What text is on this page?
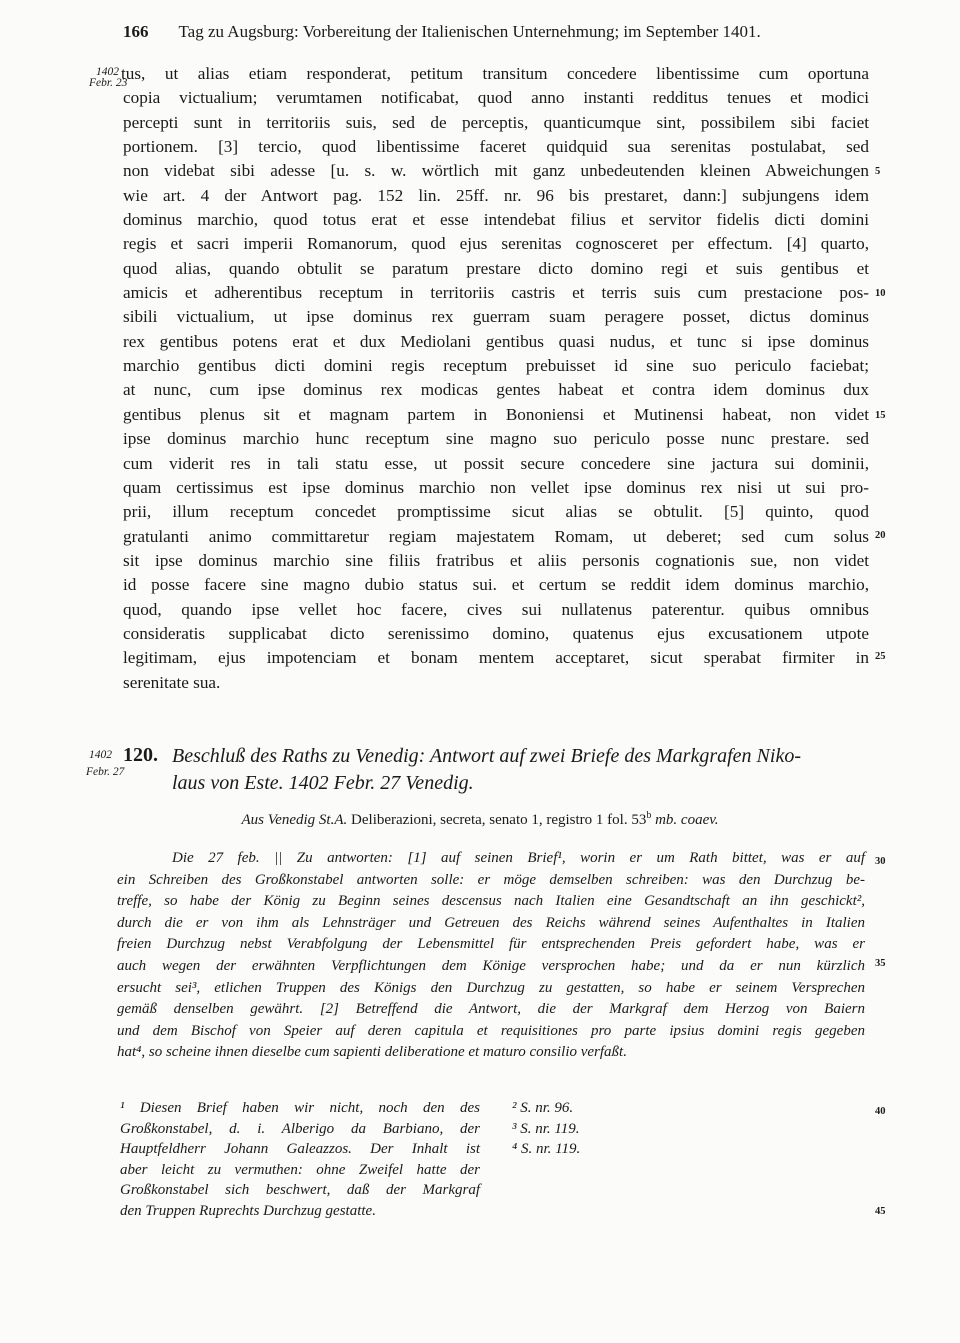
166 Tag zu Augsburg: Vorbereitung der Italienischen Unternehmung; im September 1401.
1402
Febr. 23
tus, ut alias etiam responderat, petitum transitum concedere libentissime cum oportuna
copia victualium; verumtamen notificabat, quod anno instanti redditus tenues et modici
percepti sunt in territoriis suis, sed de perceptis, quanticumque sint, possibilem sibi faciet
portionem. [3] tercio, quod libentissime faceret quidquid sua serenitas postulabat, sed
non videbat sibi adesse [u. s. w. wörtlich mit ganz unbedeutenden kleinen Abweichungen
wie art. 4 der Antwort pag. 152 lin. 25ff. nr. 96 bis prestaret, dann:] subjungens idem
dominus marchio, quod totus erat et esse intendebat filius et servitor fidelis dicti domini
regis et sacri imperii Romanorum, quod ejus serenitas cognosceret per effectum. [4] quarto,
quod alias, quando obtulit se paratum prestare dicto domino regi et suis gentibus et
amicis et adherentibus receptum in territoriis castris et terris suis cum prestacione pos-
sibili victualium, ut ipse dominus rex guerram suam peragere posset, dictus dominus
rex gentibus potens erat et dux Mediolani gentibus quasi nudus, et tunc si ipse dominus
marchio gentibus dicti domini regis receptum prebuisset id sine suo periculo faciebat;
at nunc, cum ipse dominus rex modicas gentes habeat et contra idem dominus dux
gentibus plenus sit et magnam partem in Bononiensi et Mutinensi habeat, non videt
ipse dominus marchio hunc receptum sine magno suo periculo posse nunc prestare. sed
cum viderit res in tali statu esse, ut possit secure concedere sine jactura sui dominii,
quam certissimus est ipse dominus marchio non vellet ipse dominus rex nisi ut sui pro-
prii, illum receptum concedet promptissime sicut alias se obtulit. [5] quinto, quod
gratulanti animo committaretur regiam majestatem Romam, ut deberet; sed cum solus
sit ipse dominus marchio sine filiis fratribus et aliis personis cognationis sue, non videt
id posse facere sine magno dubio status sui. et certum se reddit idem dominus marchio,
quod, quando ipse vellet hoc facere, cives sui nullatenus paterentur. quibus omnibus
consideratis supplicabat dicto serenissimo domino, quatenus ejus excusationem utpote
legitimam, ejus impotenciam et bonam mentem acceptaret, sicut sperabat firmiter in
serenitate sua.
5
10
15
20
25
30
35
40
45
1402
Febr. 27
120. Beschluß des Raths zu Venedig: Antwort auf zwei Briefe des Markgrafen Niko-
laus von Este. 1402 Febr. 27 Venedig.
Aus Venedig St.A. Deliberazioni, secreta, senato 1, registro 1 fol. 53$^b$ mb. coaev.
Die 27 feb. || Zu antworten: [1] auf seinen Brief¹, worin er um Rath bittet, was er auf
ein Schreiben des Großkonstabel antworten solle: er möge demselben schreiben: was den Durchzug be-
treffe, so habe der König zu Beginn seines descensus nach Italien eine Gesandtschaft an ihn geschickt²,
durch die er von ihm als Lehnsträger und Getreuen des Reichs während seines Aufenthaltes in Italien
freien Durchzug nebst Verabfolgung der Lebensmittel für entsprechenden Preis gefordert habe, was er
auch wegen der erwähnten Verpflichtungen dem Könige versprochen habe; und da er nun kürzlich
ersucht sei³, etlichen Truppen des Königs den Durchzug zu gestatten, so habe er seinem Versprechen
gemäß denselben gewährt. [2] Betreffend die Antwort, die der Markgraf dem Herzog von Baiern
und dem Bischof von Speier auf deren capitula et requisitiones pro parte ipsius domini regis gegeben
hat⁴, so scheine ihnen dieselbe cum sapienti deliberatione et maturo consilio verfaßt.
¹ Diesen Brief haben wir nicht, noch den des
Großkonstabel, d. i. Alberigo da Barbiano, der
Hauptfeldherr Johann Galeazzos. Der Inhalt ist
aber leicht zu vermuthen: ohne Zweifel hatte der
Großkonstabel sich beschwert, daß der Markgraf
den Truppen Ruprechts Durchzug gestatte.
² S. nr. 96.
³ S. nr. 119.
⁴ S. nr. 119.
